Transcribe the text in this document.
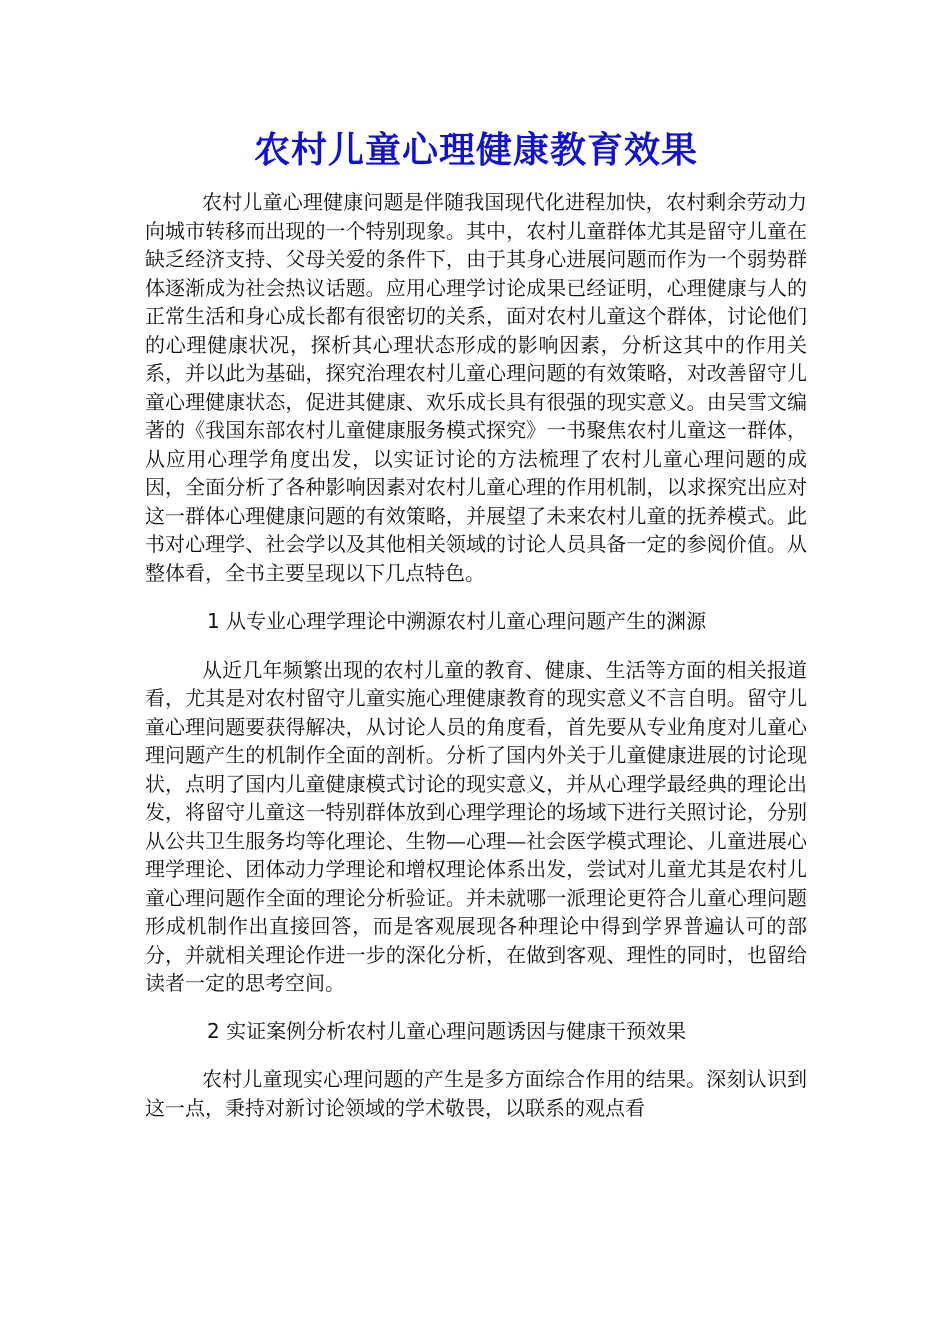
农村儿童心理健康教育效果

农村儿童心理健康问题是伴随我国现代化进程加快，农村剩余劳动力向城市转移而出现的一个特别现象。其中，农村儿童群体尤其是留守儿童在缺乏经济支持、父母关爱的条件下，由于其身心进展问题而作为一个弱势群体逐渐成为社会热议话题。应用心理学讨论成果已经证明，心理健康与人的正常生活和身心成长都有很密切的关系，面对农村儿童这个群体，讨论他们的心理健康状况，探析其心理状态形成的影响因素，分析这其中的作用关系，并以此为基础，探究治理农村儿童心理问题的有效策略，对改善留守儿童心理健康状态，促进其健康、欢乐成长具有很强的现实意义。由吴雪文编著的《我国东部农村儿童健康服务模式探究》一书聚焦农村儿童这一群体，从应用心理学角度出发，以实证讨论的方法梳理了农村儿童心理问题的成因，全面分析了各种影响因素对农村儿童心理的作用机制，以求探究出应对这一群体心理健康问题的有效策略，并展望了未来农村儿童的抚养模式。此书对心理学、社会学以及其他相关领域的讨论人员具备一定的参阅价值。从整体看，全书主要呈现以下几点特色。

1 从专业心理学理论中溯源农村儿童心理问题产生的渊源

从近几年频繁出现的农村儿童的教育、健康、生活等方面的相关报道看，尤其是对农村留守儿童实施心理健康教育的现实意义不言自明。留守儿童心理问题要获得解决，从讨论人员的角度看，首先要从专业角度对儿童心理问题产生的机制作全面的剖析。分析了国内外关于儿童健康进展的讨论现状，点明了国内儿童健康模式讨论的现实意义，并从心理学最经典的理论出发，将留守儿童这一特别群体放到心理学理论的场域下进行关照讨论，分别从公共卫生服务均等化理论、生物—心理—社会医学模式理论、儿童进展心理学理论、团体动力学理论和增权理论体系出发，尝试对儿童尤其是农村儿童心理问题作全面的理论分析验证。并未就哪一派理论更符合儿童心理问题形成机制作出直接回答，而是客观展现各种理论中得到学界普遍认可的部分，并就相关理论作进一步的深化分析，在做到客观、理性的同时，也留给读者一定的思考空间。

2 实证案例分析农村儿童心理问题诱因与健康干预效果

农村儿童现实心理问题的产生是多方面综合作用的结果。深刻认识到这一点，秉持对新讨论领域的学术敬畏，以联系的观点看
